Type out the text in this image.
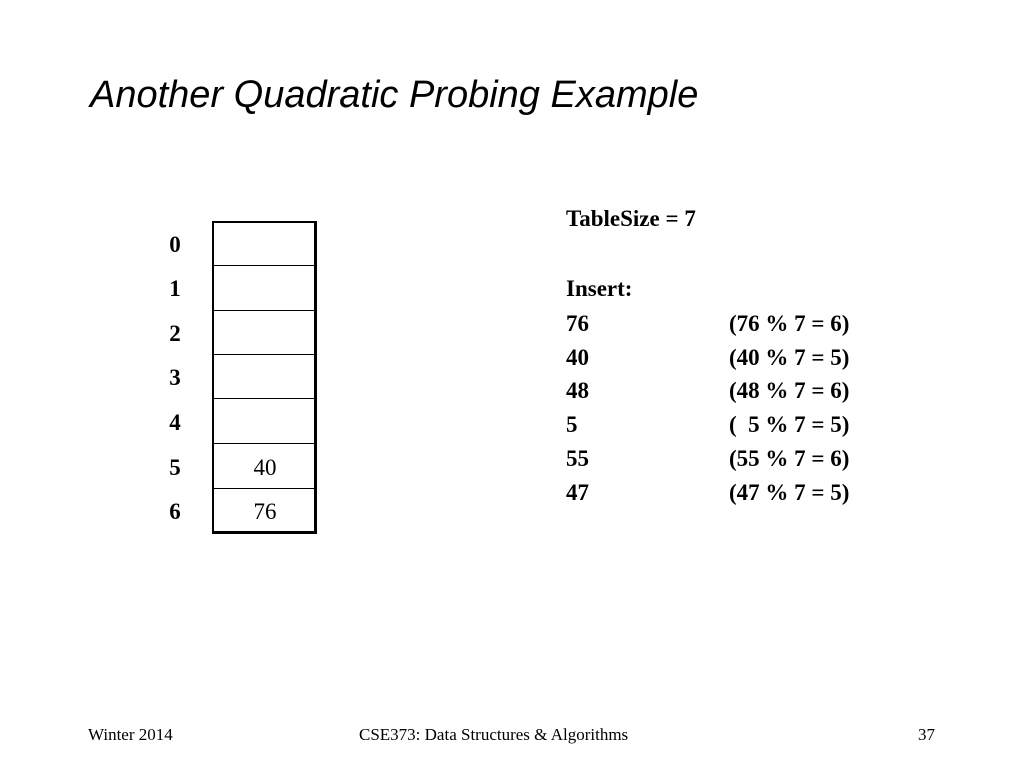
Another Quadratic Probing Example
0
1
2
3
4
5	40
6	76
TableSize = 7
Insert:
76	(76 % 7 = 6)
40	(40 % 7 = 5)
48	(48 % 7 = 6)
5	(  5 % 7 = 5)
55	(55 % 7 = 6)
47	(47 % 7 = 5)
Winter 2014	CSE373: Data Structures & Algorithms	37
